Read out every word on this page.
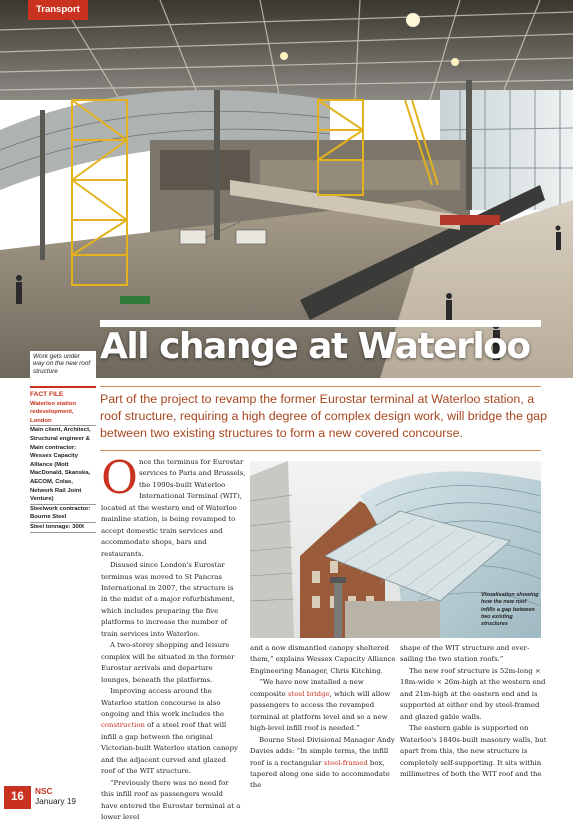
Transport
All change at Waterloo
Work gets under way on the new roof structure
FACT FILE
Waterloo station redevelopment, London
Main client, Architect, Structural engineer & Main contractor: Wessex Capacity Alliance (Mott MacDonald, Skanska, AECOM, Colas, Network Rail Joint Venture)
Steelwork contractor: Bourne Steel
Steel tonnage: 300t

Part of the project to revamp the former Eurostar terminal at Waterloo station, a roof structure, requiring a high degree of complex design work, will bridge the gap between two existing structures to form a new covered concourse.

O nce the terminus for Eurostar
services to Paris and Brussels,
the 1990s-built Waterloo
International Terminal (WIT),

located at the western end of Waterloo mainline station, is being revamped to accept domestic train services and accommodate shops, bars and restaurants.

Disused since London's Eurostar terminus was moved to St Pancras International in 2007, the structure is in the midst of a major refurbishment, which includes preparing the five platforms to increase the number of train services into Waterloo.

A two-storey shopping and leisure complex will be situated in the former Eurostar arrivals and departure lounges, beneath the platforms.

Improving access around the Waterloo station concourse is also ongoing and this work includes the construction of a steel roof that will infill a gap between the original Victorian-built Waterloo station canopy and the adjacent curved and glazed roof of the WIT structure.

“Previously there was no need for this infill roof as passengers would have entered the Eurostar terminal at a lower level

Visualisation showing how the new roof infills a gap between two existing structures

and a now dismantled canopy sheltered them,” explains Wessex Capacity Alliance Engineering Manager, Chris Kitching.

“We have now installed a new composite steel bridge, which will allow passengers to access the revamped terminal at platform level and so a new high-level infill roof is needed.”

Bourne Steel Divisional Manager Andy Davies adds: “In simple terms, the infill roof is a rectangular steel-framed box, tapered along one side to accommodate the

shape of the WIT structure and over-sailing the two station roofs.”

The new roof structure is 52m-long × 18m-wide × 26m-high at the western end and 21m-high at the eastern end and is supported at either end by steel-framed and glazed gable walls.

The eastern gable is supported on Waterloo's 1840s-built masonry walls, but apart from this, the new structure is completely self-supporting. It sits within millimetres of both the WIT roof and the

16	NSC
January 19
